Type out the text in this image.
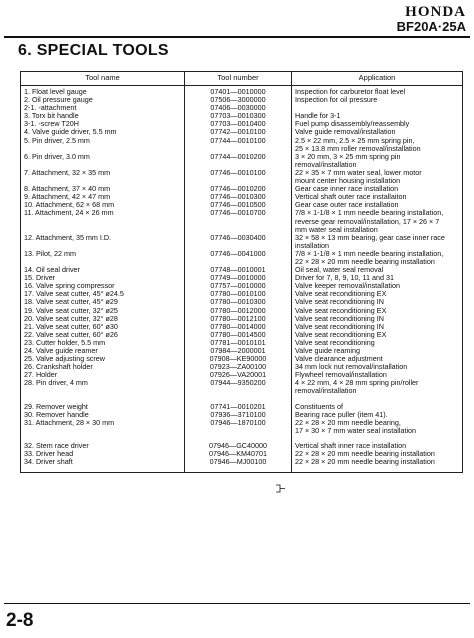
HONDA
BF20A·25A
6. SPECIAL TOOLS
Tool name	Tool number	Application
1. Float level gauge	07401—0010000	Inspection for carburetor float level
2. Oil pressure gauge	07506—3000000	Inspection for oil pressure
2-1. -attachment	07406—0030000	
3. Torx bit handle	07703—0010300	Handle for 3-1
3-1. -screw T20H	07703—0010400	Fuel pump disassembly/reassembly
4. Valve guide driver, 5.5 mm	07742—0010100	Valve guide removal/installation
5. Pin driver, 2.5 mm	07744—0010100	2.5 × 22 mm, 2.5 × 25 mm spring pin,
		25 × 13.8 mm roller removal/installation
6. Pin driver, 3.0 mm	07744—0010200	3 × 20 mm, 3 × 25 mm spring pin
		removal/installation
7. Attachment, 32 × 35 mm	07746—0010100	22 × 35 × 7 mm water seal, lower motor
		mount center housing installation
8. Attachment, 37 × 40 mm	07746—0010200	Gear case inner race installation
9. Attachment, 42 × 47 mm	07746—0010300	Vertical shaft outer race installaiton
10. Attachment, 62 × 68 mm	07746—0010500	Gear case outer race installation
11. Attachment, 24 × 26 mm	07746—0010700	7/8 × 1-1/8 × 1 mm needle bearing installation,
		reverse gear removal/installation, 17 × 26 × 7
		mm water seal installation
12. Attachment, 35 mm I.D.	07746—0030400	32 × 58 × 13 mm bearing, gear case inner race
		installation
13. Pilot, 22 mm	07746—0041000	7/8 × 1-1/8 × 1 mm needle bearing installation,
		22 × 28 × 20 mm needle bearing installation
14. Oil seal driver	07748—0010001	Oil seal, water seal removal
15. Driver	07749—0010000	Driver for 7, 8, 9, 10, 11 and 31
16. Valve spring compressor	07757—0010000	Valve keeper removal/installation
17. Valve seat cutter, 45° ø24.5	07780—0010100	Valve seat reconditioning EX
18. Valve seat cutter, 45° ø29	07780—0010300	Valve seat reconditioning IN
19. Valve seat cutter, 32° ø25	07780—0012000	Valve seat reconditioning EX
20. Valve seat cutter, 32° ø28	07780—0012100	Valve seat reconditioning IN
21. Valve seat cutter, 60° ø30	07780—0014000	Valve seat reconditioning IN
22. Valve seat cutter, 60° ø26	07780—0014500	Valve seat reconditioning EX
23. Cutter holder, 5.5 mm	07781—0010101	Valve seat reconditioning
24. Valve guide reamer	07984—2000001	Valve guide reaming
25. Valve adjusting screw	07908—KE90000	Valve clearance adjustment
26. Crankshaft holder	07923—ZA00100	34 mm lock nut removal/installation
27. Holder	07926—VA20001	Flywheel removal/installation
28. Pin driver, 4 mm	07944—9350200	4 × 22 mm, 4 × 28 mm spring pin/roller
		removal/installation

29. Remover weight	07741—0010201	Constituents of
30. Remover handle	07936—3710100	Bearing race puller (item 41).
31. Attachment, 28 × 30 mm	07946—1870100	22 × 28 × 20 mm needle bearing,
		17 × 30 × 7 mm water seal installation

32. Stem race driver	07946—GC40000	Vertical shaft inner race installation
33. Driver head	07946—KM40701	22 × 28 × 20 mm needle bearing installation
34. Driver shaft	07946—MJ00100	22 × 28 × 20 mm needle bearing installation
2-8
